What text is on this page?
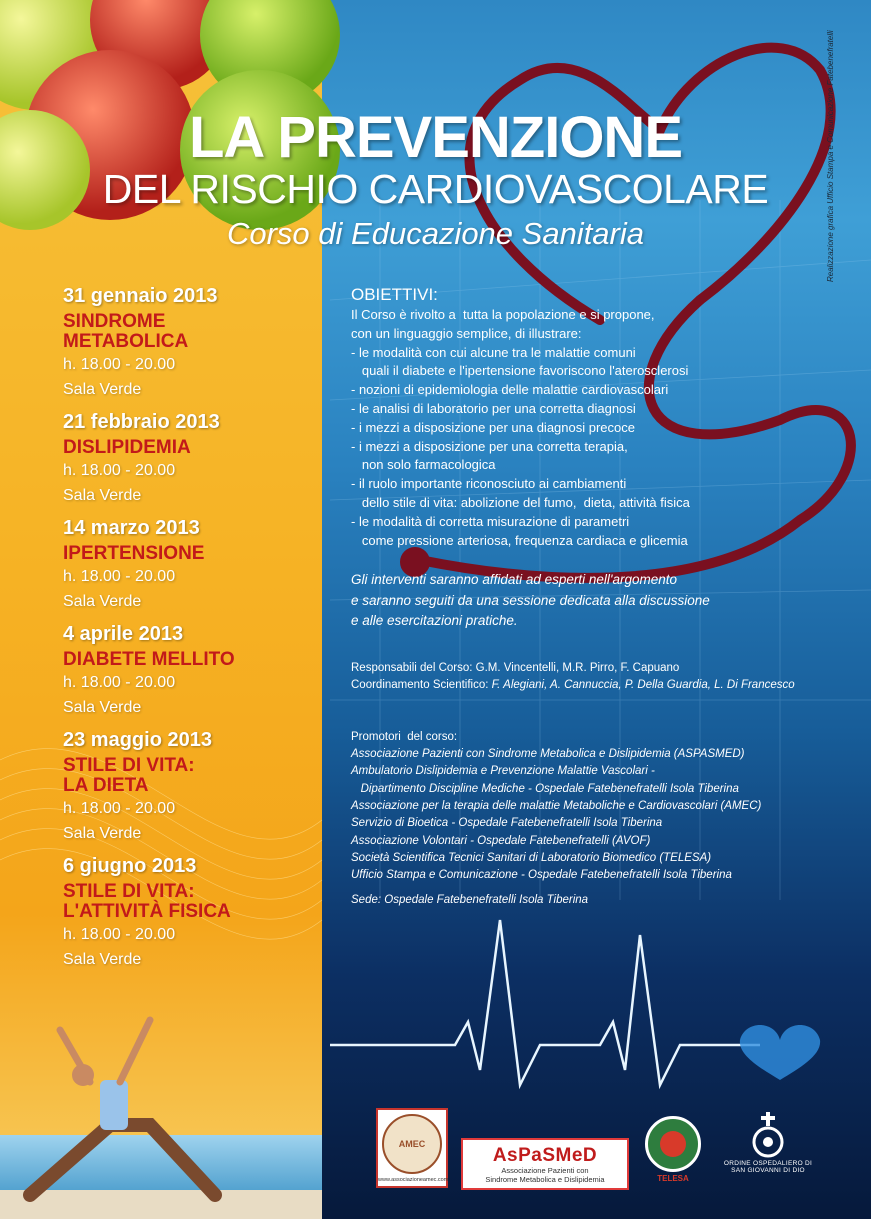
LA PREVENZIONE
DEL RISCHIO CARDIOVASCOLARE
Corso di Educazione Sanitaria	Realizzazione grafica Ufficio Stampa e Comunicazione Fatebenefratelli
31 gennaio 2013
SINDROME
METABOLICA
h. 18.00 - 20.00
Sala Verde
21 febbraio 2013
DISLIPIDEMIA
h. 18.00 - 20.00
Sala Verde
14 marzo 2013
IPERTENSIONE
h. 18.00 - 20.00
Sala Verde
4 aprile 2013
DIABETE MELLITO
h. 18.00 - 20.00
Sala Verde
23 maggio 2013
STILE DI VITA:
LA DIETA
h. 18.00 - 20.00
Sala Verde
6 giugno 2013
STILE DI VITA:
L'ATTIVITÀ FISICA
h. 18.00 - 20.00
Sala Verde
OBIETTIVI:
Il Corso è rivolto a  tutta la popolazione e si propone,
con un linguaggio semplice, di illustrare:
- le modalità con cui alcune tra le malattie comuni
quali il diabete e l'ipertensione favoriscono l'aterosclerosi
- nozioni di epidemiologia delle malattie cardiovascolari
- le analisi di laboratorio per una corretta diagnosi
- i mezzi a disposizione per una diagnosi precoce
- i mezzi a disposizione per una corretta terapia,
non solo farmacologica
- il ruolo importante riconosciuto ai cambiamenti
dello stile di vita: abolizione del fumo,  dieta, attività fisica
- le modalità di corretta misurazione di parametri
come pressione arteriosa, frequenza cardiaca e glicemia
Gli interventi saranno affidati ad esperti nell'argomento
e saranno seguiti da una sessione dedicata alla discussione
e alle esercitazioni pratiche.
Responsabili del Corso: G.M. Vincentelli, M.R. Pirro, F. Capuano
Coordinamento Scientifico: F. Alegiani, A. Cannuccia, P. Della Guardia, L. Di Francesco
Promotori  del corso:
Associazione Pazienti con Sindrome Metabolica e Dislipidemia (ASPASMED)
Ambulatorio Dislipidemia e Prevenzione Malattie Vascolari -
Dipartimento Discipline Mediche - Ospedale Fatebenefratelli Isola Tiberina
Associazione per la terapia delle malattie Metaboliche e Cardiovascolari (AMEC)
Servizio di Bioetica - Ospedale Fatebenefratelli Isola Tiberina
Associazione Volontari - Ospedale Fatebenefratelli (AVOF)
Società Scientifica Tecnici Sanitari di Laboratorio Biomedico (TELESA)
Ufficio Stampa e Comunicazione - Ospedale Fatebenefratelli Isola Tiberina
Sede: Ospedale Fatebenefratelli Isola Tiberina
AMEC
www.associazioneamec.com
AsPaSMeD
Associazione Pazienti con
Sindrome Metabolica e Dislipidemia	TELESA
ORDINE OSPEDALIERO DI
SAN GIOVANNI DI DIO
